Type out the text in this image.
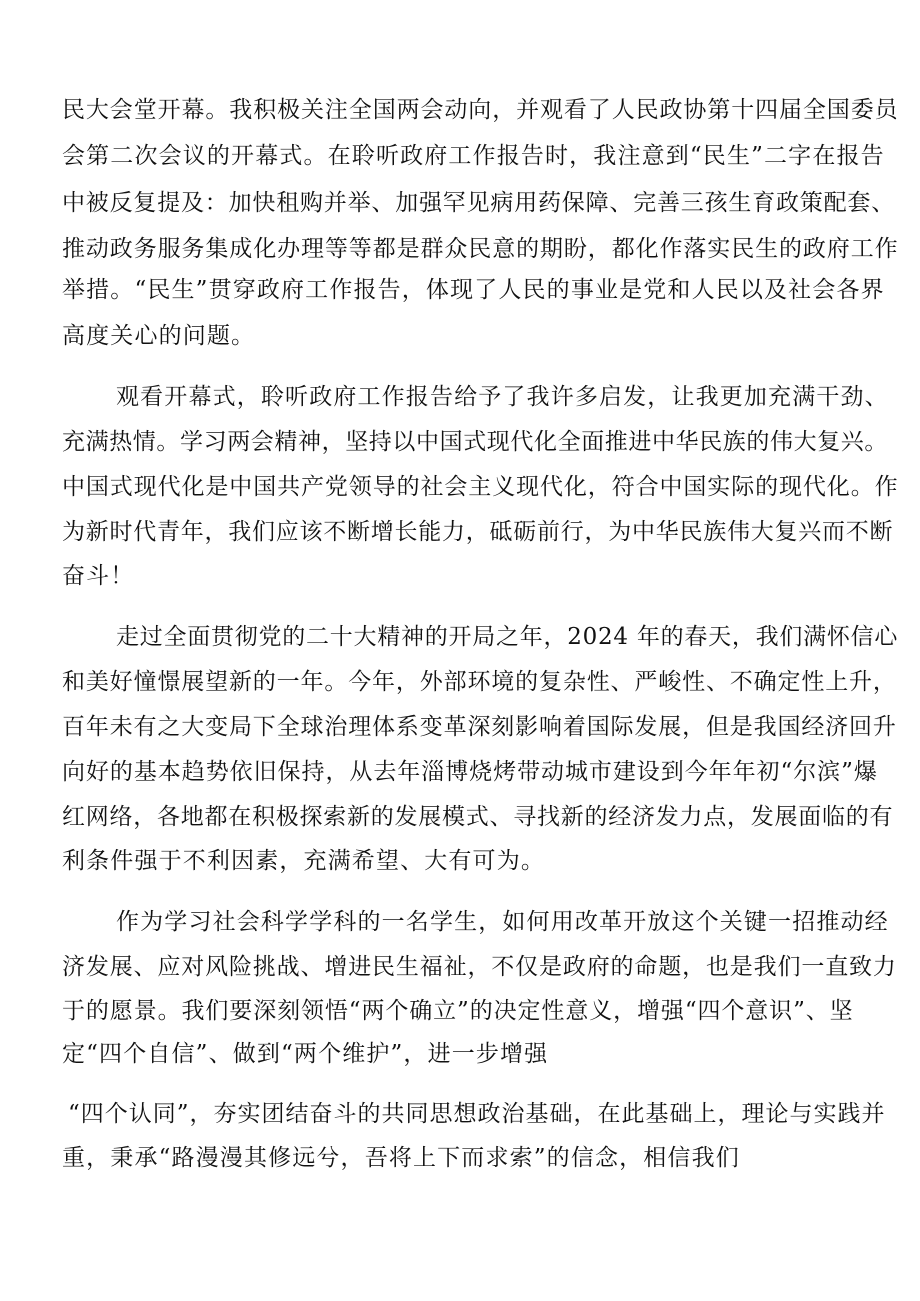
民大会堂开幕。我积极关注全国两会动向，并观看了人民政协第十四届全国委员

会第二次会议的开幕式。在聆听政府工作报告时，我注意到“民生”二字在报告

中被反复提及：加快租购并举、加强罕见病用药保障、完善三孩生育政策配套、

推动政务服务集成化办理等等都是群众民意的期盼，都化作落实民生的政府工作

举措。“民生”贯穿政府工作报告，体现了人民的事业是党和人民以及社会各界

高度关心的问题。

观看开幕式，聆听政府工作报告给予了我许多启发，让我更加充满干劲、

充满热情。学习两会精神，坚持以中国式现代化全面推进中华民族的伟大复兴。

中国式现代化是中国共产党领导的社会主义现代化，符合中国实际的现代化。作

为新时代青年，我们应该不断增长能力，砥砺前行，为中华民族伟大复兴而不断

奋斗！

走过全面贯彻党的二十大精神的开局之年，2024 年的春天，我们满怀信心

和美好憧憬展望新的一年。今年，外部环境的复杂性、严峻性、不确定性上升，

百年未有之大变局下全球治理体系变革深刻影响着国际发展，但是我国经济回升

向好的基本趋势依旧保持，从去年淄博烧烤带动城市建设到今年年初“尔滨”爆

红网络，各地都在积极探索新的发展模式、寻找新的经济发力点，发展面临的有

利条件强于不利因素，充满希望、大有可为。

作为学习社会科学学科的一名学生，如何用改革开放这个关键一招推动经

济发展、应对风险挑战、增进民生福祉，不仅是政府的命题，也是我们一直致力

于的愿景。我们要深刻领悟“两个确立”的决定性意义，增强“四个意识”、坚

定“四个自信”、做到“两个维护”，进一步增强

“四个认同”，夯实团结奋斗的共同思想政治基础，在此基础上，理论与实践并

重，秉承“路漫漫其修远兮，吾将上下而求索”的信念，相信我们
